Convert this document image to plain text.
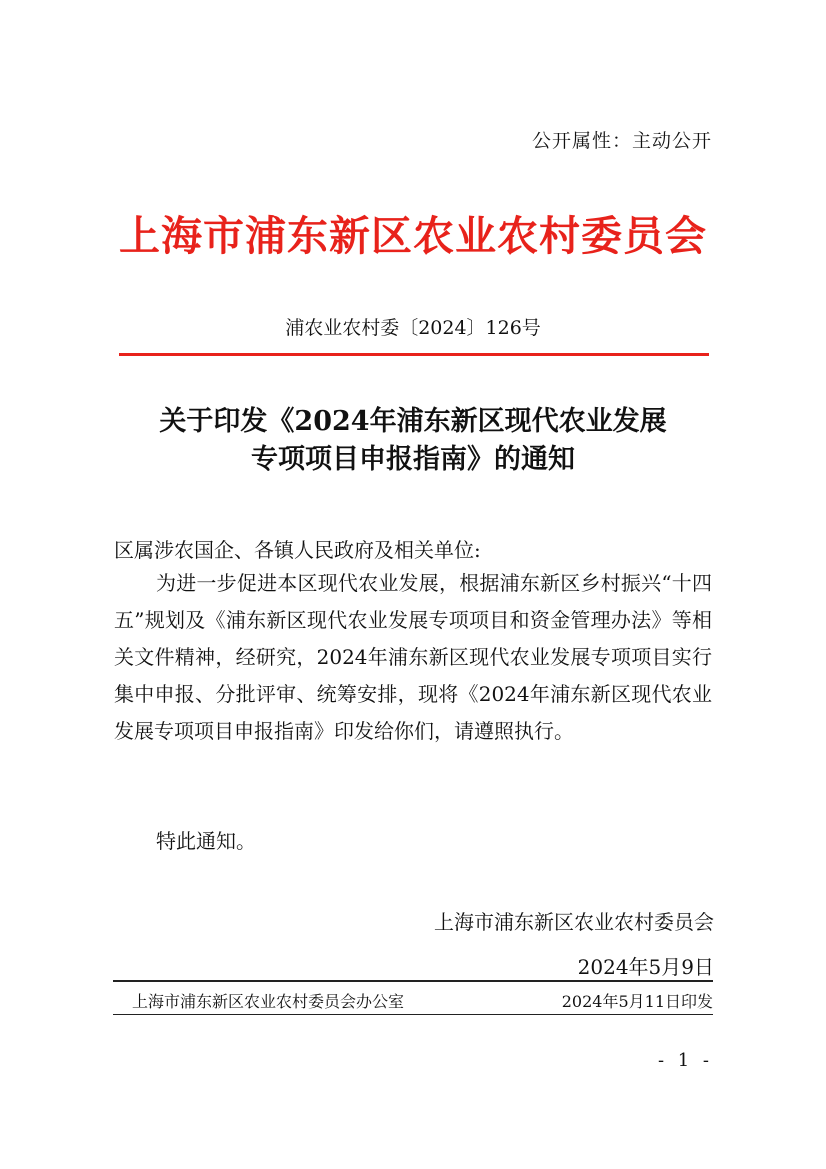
公开属性：主动公开
上海市浦东新区农业农村委员会
浦农业农村委〔2024〕126号
关于印发《2024年浦东新区现代农业发展
专项项目申报指南》的通知
区属涉农国企、各镇人民政府及相关单位:

为进一步促进本区现代农业发展，根据浦东新区乡村振兴“十四五”规划及《浦东新区现代农业发展专项项目和资金管理办法》等相关文件精神，经研究，2024年浦东新区现代农业发展专项项目实行集中申报、分批评审、统筹安排，现将《2024年浦东新区现代农业发展专项项目申报指南》印发给你们，请遵照执行。

特此通知。
上海市浦东新区农业农村委员会
2024年5月9日
上海市浦东新区农业农村委员会办公室	2024年5月11日印发
- 1 -
